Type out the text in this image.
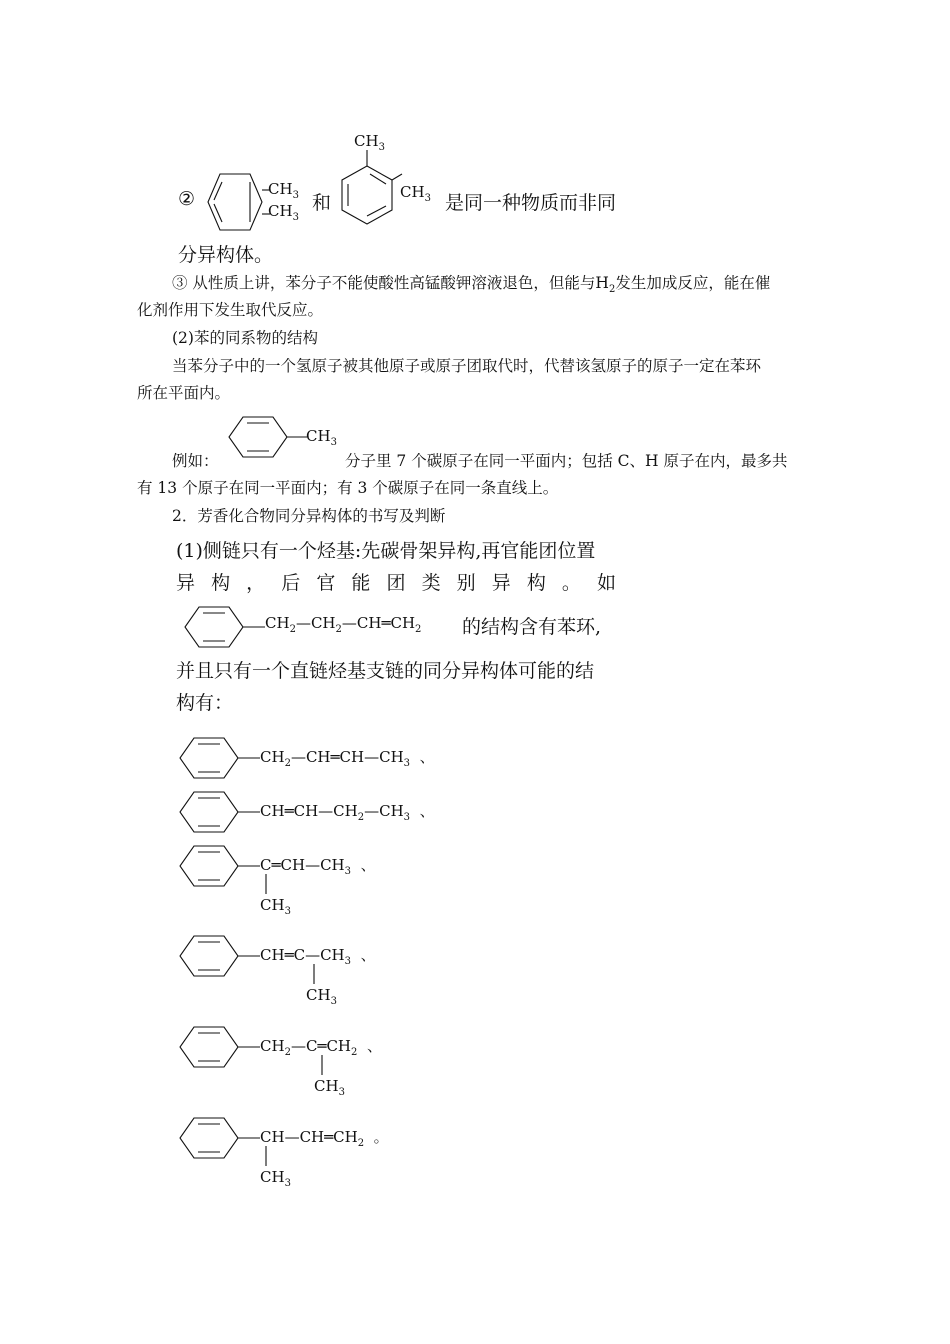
$CH_3$
$CH_3$
②	和
$CH_3$
$CH_3$ 是同一种物质而非同
分异构体。
③ 从性质上讲，苯分子不能使酸性高锰酸钾溶液退色，但能与$H_2$发生加成反应，能在催
化剂作用下发生取代反应。
(2)苯的同系物的结构
当苯分子中的一个氢原子被其他原子或原子团取代时，代替该氢原子的原子一定在苯环
所在平面内。
$CH_3$
例如：	分子里 7 个碳原子在同一平面内；包括 C、H 原子在内，最多共
有 13 个原子在同一平面内；有 3 个碳原子在同一条直线上。
2．芳香化合物同分异构体的书写及判断
(1)侧链只有一个烃基:先碳骨架异构,再官能团位置
异构，后官能团类别异构。如
$CH_2—CH_2—CH═CH_2$ 的结构含有苯环,
并且只有一个直链烃基支链的同分异构体可能的结
构有：
$CH_2—CH═CH—CH_3$ 、
$CH═CH—CH_2—CH_3$ 、
$C═CH—CH_3$ 、
$CH_3$
$CH═C—CH_3$ 、
$CH_3$
$CH_2—C═CH_2$ 、
$CH_3$
$CH—CH═CH_2$ 。
$CH_3$
